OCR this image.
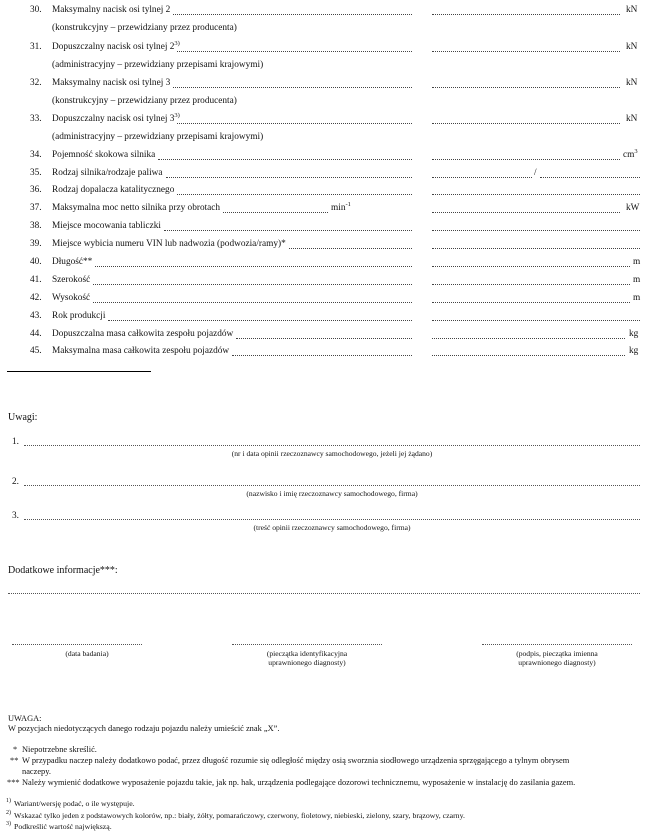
30. Maksymalny nacisk osi tylnej 2	kN
(konstrukcyjny – przewidziany przez producenta)
31. Dopuszczalny nacisk osi tylnej 2$^{3)}$	kN
(administracyjny – przewidziany przepisami krajowymi)
32. Maksymalny nacisk osi tylnej 3	kN
(konstrukcyjny – przewidziany przez producenta)
33. Dopuszczalny nacisk osi tylnej 3$^{3)}$	kN
(administracyjny – przewidziany przepisami krajowymi)
34. Pojemność skokowa silnika	$cm^3$
35. Rodzaj silnika/rodzaje paliwa	/
36. Rodzaj dopalacza katalitycznego
37. Maksymalna moc netto silnika przy obrotach	$\min^{-1}$	kW
38. Miejsce mocowania tabliczki
39. Miejsce wybicia numeru VIN lub nadwozia (podwozia/ramy)*
40. Długość**	m
41. Szerokość	m
42. Wysokość	m
43. Rok produkcji
44. Dopuszczalna masa całkowita zespołu pojazdów	kg
45. Maksymalna masa całkowita zespołu pojazdów	kg
Uwagi:
1.
(nr i data opinii rzeczoznawcy samochodowego, jeżeli jej żądano)
2.
(nazwisko i imię rzeczoznawcy samochodowego, firma)
3.
(treść opinii rzeczoznawcy samochodowego, firma)
Dodatkowe informacje***:
(data badania)	(pieczątka identyfikacyjna
uprawnionego diagnosty)
(podpis, pieczątka imienna
uprawnionego diagnosty)
UWAGA:
W pozycjach niedotyczących danego rodzaju pojazdu należy umieścić znak „X”.
* Niepotrzebne skreślić.
** W przypadku naczep należy dodatkowo podać, przez długość rozumie się odległość między osią sworznia siodłowego urządzenia sprzęgającego a tylnym obrysem
naczepy.
*** Należy wymienić dodatkowe wyposażenie pojazdu takie, jak np. hak, urządzenia podlegające dozorowi technicznemu, wyposażenie w instalację do zasilania gazem.
1) Wariant/wersję podać, o ile występuje.
2) Wskazać tylko jeden z podstawowych kolorów, np.: biały, żółty, pomarańczowy, czerwony, fioletowy, niebieski, zielony, szary, brązowy, czarny.
3) Podkreślić wartość największą.
